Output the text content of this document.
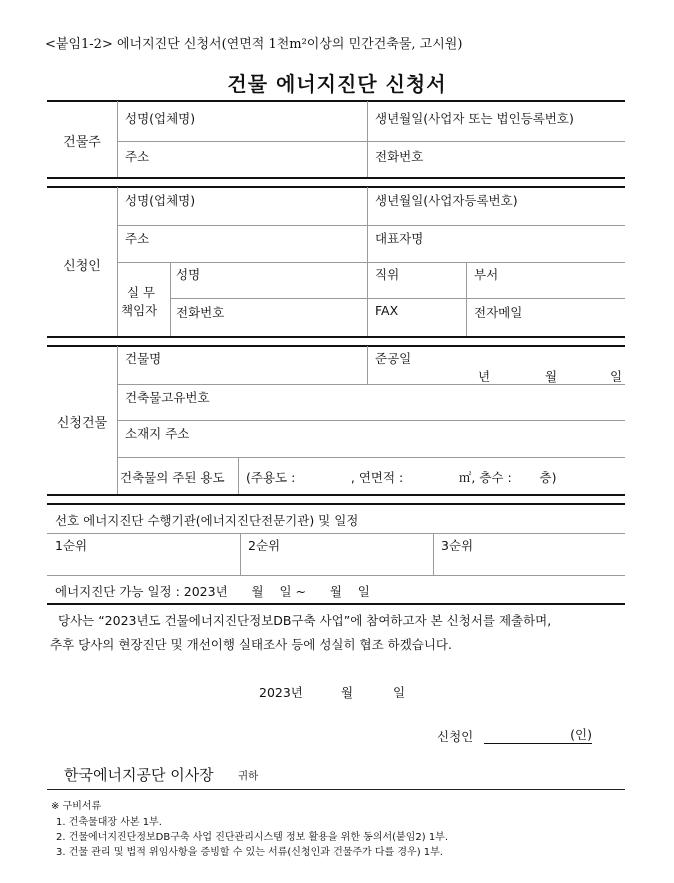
<붙임1-2> 에너지진단 신청서(연면적 1천m²이상의 민간건축물, 고시원)
건물 에너지진단 신청서
건물주
성명(업체명)	생년월일(사업자 또는 법인등록번호)
주소	전화번호
신청인
성명(업체명)	생년월일(사업자등록번호)
주소	대표자명
실 무
책임자
성명	직위	부서
전화번호	FAX	전자메일
신청건물
건물명	준공일
년	월	일
건축물고유번호
소재지 주소
건축물의 주된 용도 (주용도 :              , 연면적 :              ㎡, 층수 :       층)
선호 에너지진단 수행기관(에너지진단전문기관) 및 일정
1순위	2순위	3순위
에너지진단 가능 일정 : 2023년      월    일 ~      월    일
당사는 “2023년도 건물에너지진단정보DB구축 사업”에 참여하고자 본 신청서를 제출하며,
추후 당사의 현장진단 및 개선이행 실태조사 등에 성실히 협조 하겠습니다.
2023년	월	일
신청인	(인)
한국에너지공단 이사장 귀하
※ 구비서류
1. 건축물대장 사본 1부.
2. 건물에너지진단정보DB구축 사업 진단관리시스템 정보 활용을 위한 동의서(붙임2) 1부.
3. 건물 관리 및 법적 위임사항을 증빙할 수 있는 서류(신청인과 건물주가 다를 경우) 1부.
